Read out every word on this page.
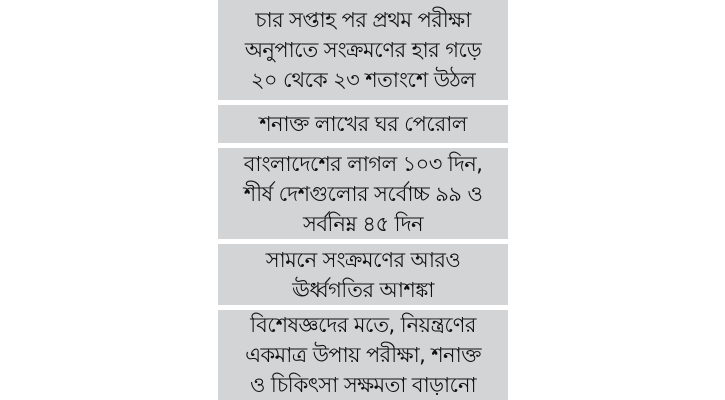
চার সপ্তাহ পর প্রথম পরীক্ষা
অনুপাতে সংক্রমণের হার গড়ে
২০ থেকে ২৩ শতাংশে উঠল
শনাক্ত লাখের ঘর পেরোল
বাংলাদেশের লাগল ১০৩ দিন,
শীর্ষ দেশগুলোর সর্বোচ্চ ৯৯ ও
সর্বনিম্ন ৪৫ দিন
সামনে সংক্রমণের আরও
ঊর্ধ্বগতির আশঙ্কা
বিশেষজ্ঞদের মতে, নিয়ন্ত্রণের
একমাত্র উপায় পরীক্ষা, শনাক্ত
ও চিকিৎসা সক্ষমতা বাড়ানো
